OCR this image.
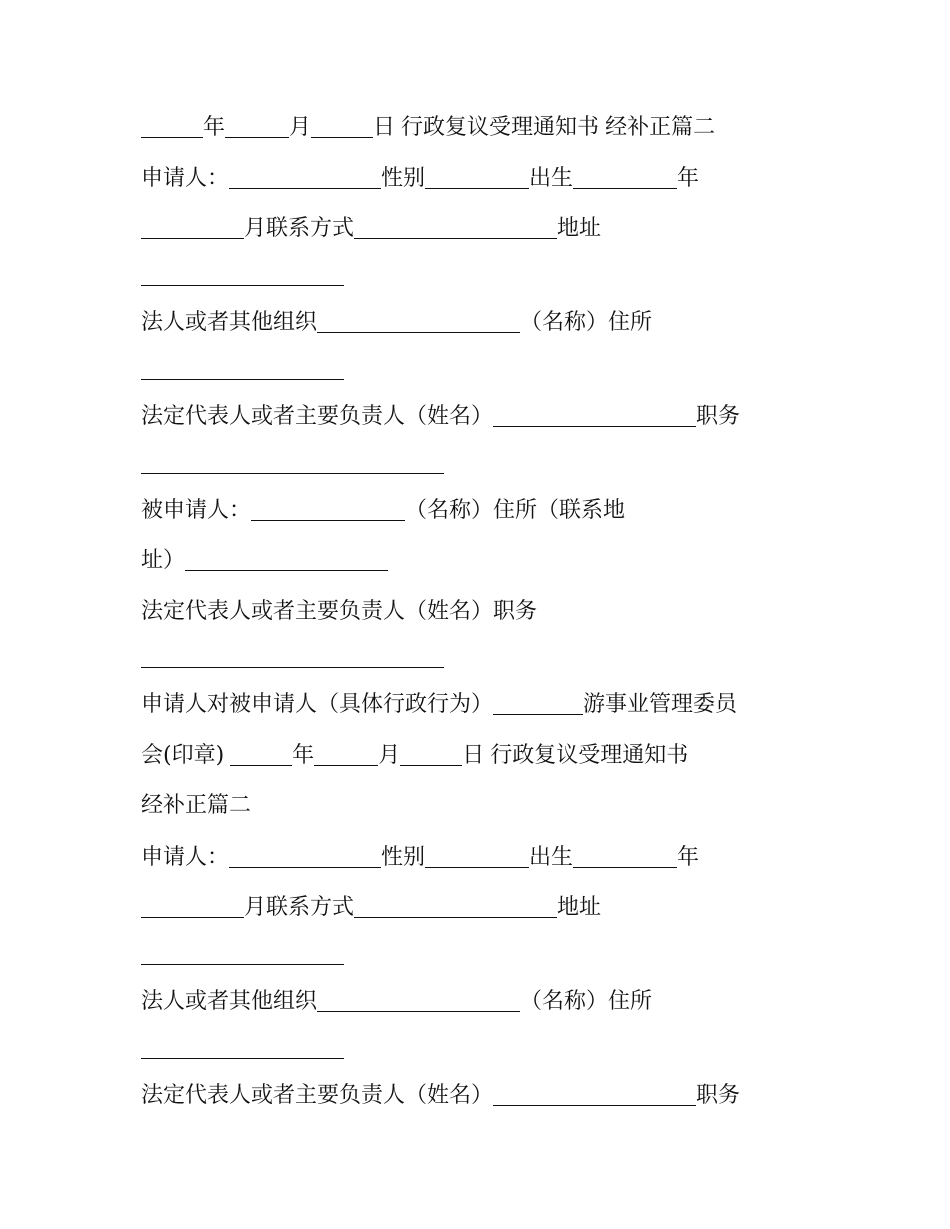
年	月	日 行政复议受理通知书 经补正篇二
申请人：	性别	出生	年
月联系方式	地址
法人或者其他组织	（名称）住所
法定代表人或者主要负责人（姓名）	职务
被申请人：	（名称）住所（联系地
址）
法定代表人或者主要负责人（姓名）职务
申请人对被申请人（具体行政行为）	游事业管理委员
会(印章)	年	月	日 行政复议受理通知书
经补正篇二
申请人：	性别	出生	年
月联系方式	地址
法人或者其他组织	（名称）住所
法定代表人或者主要负责人（姓名）	职务
